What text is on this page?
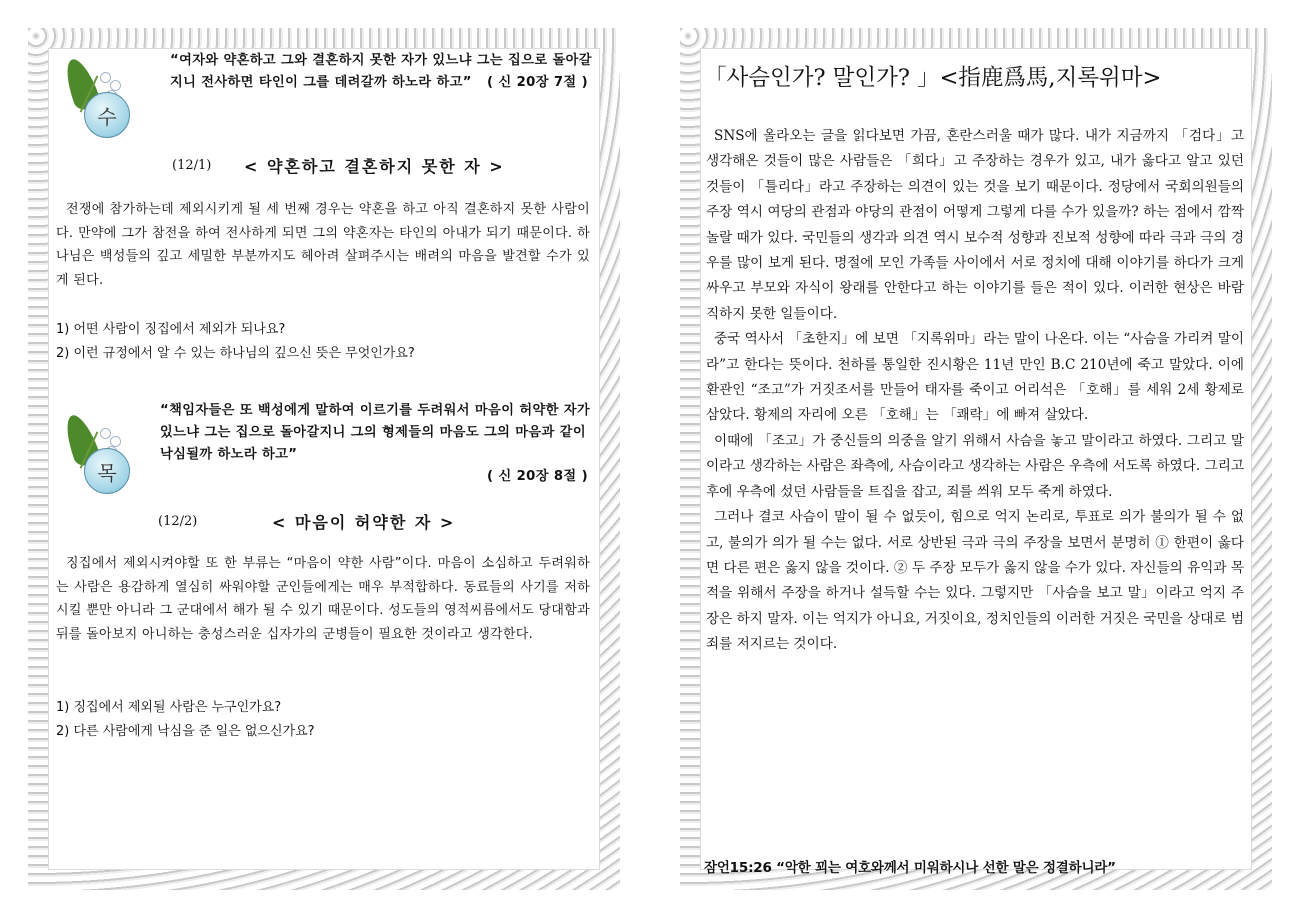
수
“여자와 약혼하고 그와 결혼하지 못한 자가 있느냐 그는 집으로 돌아갈지니 전사하면 타인이 그를 데려갈까 하노라 하고”	( 신 20장 7절 )
(12/1) < 약혼하고 결혼하지 못한 자 >
전쟁에 참가하는데 제외시키게 될 세 번째 경우는 약혼을 하고 아직 결혼하지 못한 사람이다. 만약에 그가 참전을 하여 전사하게 되면 그의 약혼자는 타인의 아내가 되기 때문이다. 하나님은 백성들의 깊고 세밀한 부분까지도 헤아려 살펴주시는 배려의 마음을 발견할 수가 있게 된다.
1) 어떤 사람이 징집에서 제외가 되나요?
2) 이런 규정에서 알 수 있는 하나님의 깊으신 뜻은 무엇인가요?
목
“책임자들은 또 백성에게 말하여 이르기를 두려워서 마음이 허약한 자가 있느냐 그는 집으로 돌아갈지니 그의 형제들의 마음도 그의 마음과 같이 낙심될까 하노라 하고”
( 신 20장 8절 )
(12/2)	< 마음이 허약한 자 >
징집에서 제외시켜야할 또 한 부류는 “마음이 약한 사람”이다. 마음이 소심하고 두려워하는 사람은 용감하게 열심히 싸워야할 군인들에게는 매우 부적합하다. 동료들의 사기를 저하시킬 뿐만 아니라 그 군대에서 해가 될 수 있기 때문이다. 성도들의 영적씨름에서도 당대함과 뒤를 돌아보지 아니하는 충성스러운 십자가의 군병들이 필요한 것이라고 생각한다.
1) 징집에서 제외될 사람은 누구인가요?
2) 다른 사람에게 낙심을 준 일은 없으신가요?
「사슴인가? 말인가? 」<指鹿爲馬,지록위마>

SNS에 올라오는 글을 읽다보면 가끔, 혼란스러울 때가 많다. 내가 지금까지 「검다」고 생각해온 것들이 많은 사람들은 「희다」고 주장하는 경우가 있고, 내가 옳다고 알고 있던 것들이 「틀리다」라고 주장하는 의견이 있는 것을 보기 때문이다. 정당에서 국회의원들의 주장 역시 여당의 관점과 야당의 관점이 어떻게 그렇게 다를 수가 있을까? 하는 점에서 깜짝 놀랄 때가 있다. 국민들의 생각과 의견 역시 보수적 성향과 진보적 성향에 따라 극과 극의 경우를 많이 보게 된다. 명절에 모인 가족들 사이에서 서로 정치에 대해 이야기를 하다가 크게 싸우고 부모와 자식이 왕래를 안한다고 하는 이야기를 들은 적이 있다. 이러한 현상은 바람직하지 못한 일들이다.

중국 역사서 「초한지」에 보면 「지록위마」라는 말이 나온다. 이는 “사슴을 가리켜 말이라”고 한다는 뜻이다. 천하를 통일한 진시황은 11년 만인 B.C 210년에 죽고 말았다. 이에 환관인 “조고”가 거짓조서를 만들어 태자를 죽이고 어리석은 「호해」를 세워 2세 황제로 삼았다. 황제의 자리에 오른 「호해」는 「쾌락」에 빠져 살았다.

이때에 「조고」가 중신들의 의중을 알기 위해서 사슴을 놓고 말이라고 하였다. 그리고 말이라고 생각하는 사람은 좌측에, 사슴이라고 생각하는 사람은 우측에 서도록 하였다. 그리고 후에 우측에 섰던 사람들을 트집을 잡고, 죄를 씌워 모두 죽게 하였다.

그러나 결코 사슴이 말이 될 수 없듯이, 힘으로 억지 논리로, 투표로 의가 불의가 될 수 없고, 불의가 의가 될 수는 없다. 서로 상반된 극과 극의 주장을 보면서 분명히 ① 한편이 옳다면 다른 편은 옳지 않을 것이다. ② 두 주장 모두가 옳지 않을 수가 있다. 자신들의 유익과 목적을 위해서 주장을 하거나 설득할 수는 있다. 그렇지만 「사슴을 보고 말」이라고 억지 주장은 하지 말자. 이는 억지가 아니요, 거짓이요, 정치인들의 이러한 거짓은 국민을 상대로 범죄를 저지르는 것이다.

잠언15:26 “악한 꾀는 여호와께서 미워하시나 선한 말은 정결하니라”
